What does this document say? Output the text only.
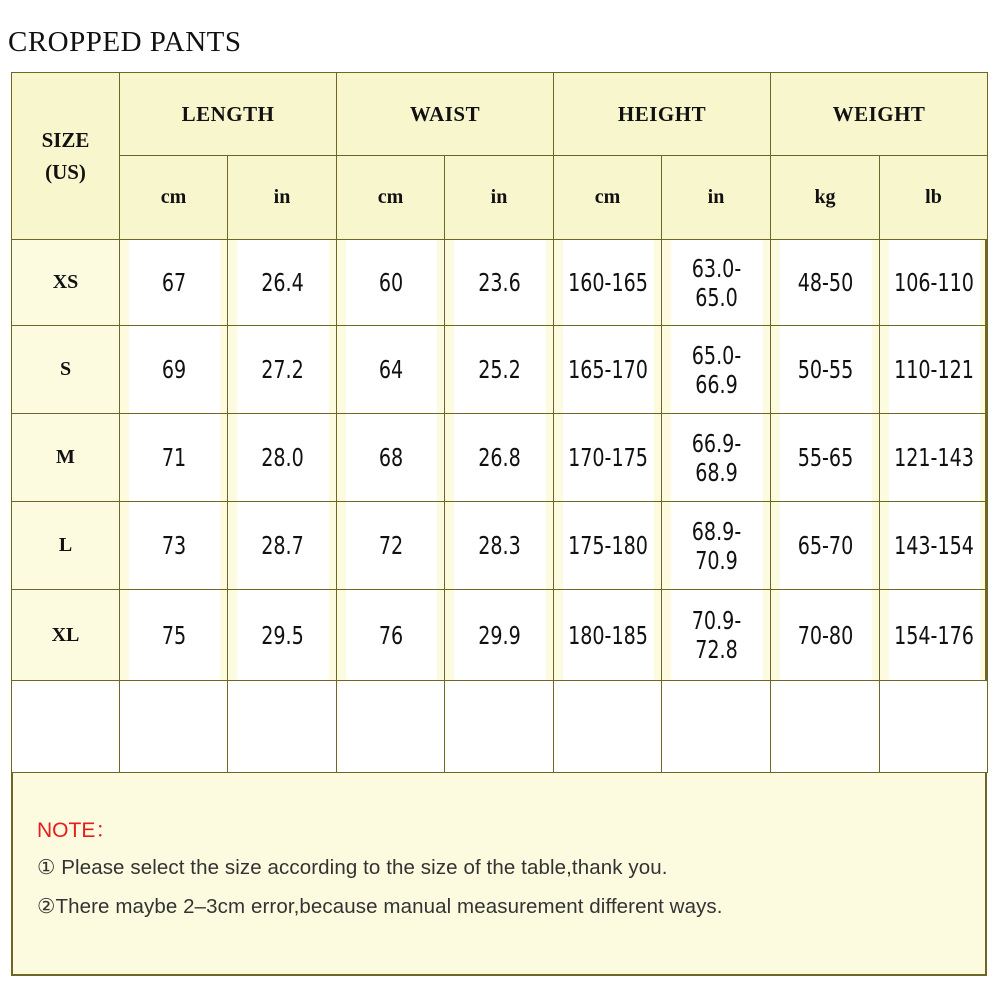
CROPPED PANTS
SIZE
(US)	LENGTH		WAIST		HEIGHT		WEIGHT	
	cm	in	cm	in	cm	in	kg	lb
XS	67	26.4	60	23.6	160-165	63.0-65.0	48-50	106-110
S	69	27.2	64	25.2	165-170	65.0-66.9	50-55	110-121
M	71	28.0	68	26.8	170-175	66.9-68.9	55-65	121-143
L	73	28.7	72	28.3	175-180	68.9-70.9	65-70	143-154
XL	75	29.5	76	29.9	180-185	70.9-72.8	70-80	154-176

NOTE：
① Please select the size according to the size of the table,thank you.
②There maybe 2–3cm error,because manual measurement different ways.
